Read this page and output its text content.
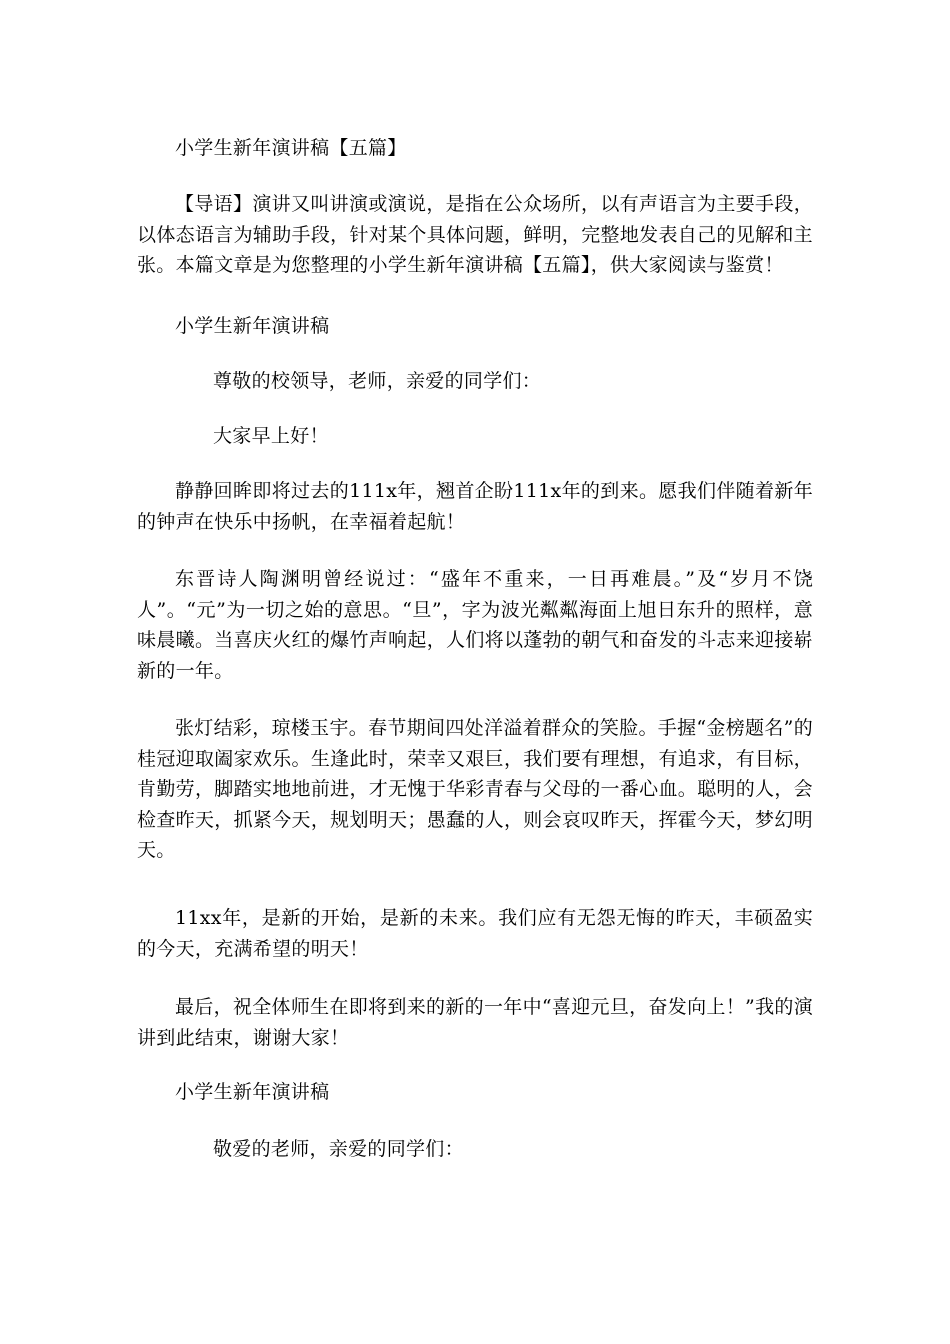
小学生新年演讲稿【五篇】
【导语】演讲又叫讲演或演说，是指在公众场所，以有声语言为主要手段，以体态语言为辅助手段，针对某个具体问题，鲜明，完整地发表自己的见解和主张。本篇文章是为您整理的小学生新年演讲稿【五篇】，供大家阅读与鉴赏！
小学生新年演讲稿
尊敬的校领导，老师，亲爱的同学们：
大家早上好！
静静回眸即将过去的111x年，翘首企盼111x年的到来。愿我们伴随着新年的钟声在快乐中扬帆，在幸福着起航！
东晋诗人陶渊明曾经说过：“盛年不重来，一日再难晨。”及“岁月不饶人”。“元”为一切之始的意思。“旦”，字为波光粼粼海面上旭日东升的照样，意味晨曦。当喜庆火红的爆竹声响起，人们将以蓬勃的朝气和奋发的斗志来迎接崭新的一年。
张灯结彩，琼楼玉宇。春节期间四处洋溢着群众的笑脸。手握“金榜题名”的桂冠迎取阖家欢乐。生逢此时，荣幸又艰巨，我们要有理想，有追求，有目标，肯勤劳，脚踏实地地前进，才无愧于华彩青春与父母的一番心血。聪明的人，会检查昨天，抓紧今天，规划明天；愚蠢的人，则会哀叹昨天，挥霍今天，梦幻明天。
11xx年，是新的开始，是新的未来。我们应有无怨无悔的昨天，丰硕盈实的今天，充满希望的明天！
最后，祝全体师生在即将到来的新的一年中“喜迎元旦，奋发向上！”我的演讲到此结束，谢谢大家！
小学生新年演讲稿
敬爱的老师，亲爱的同学们：
